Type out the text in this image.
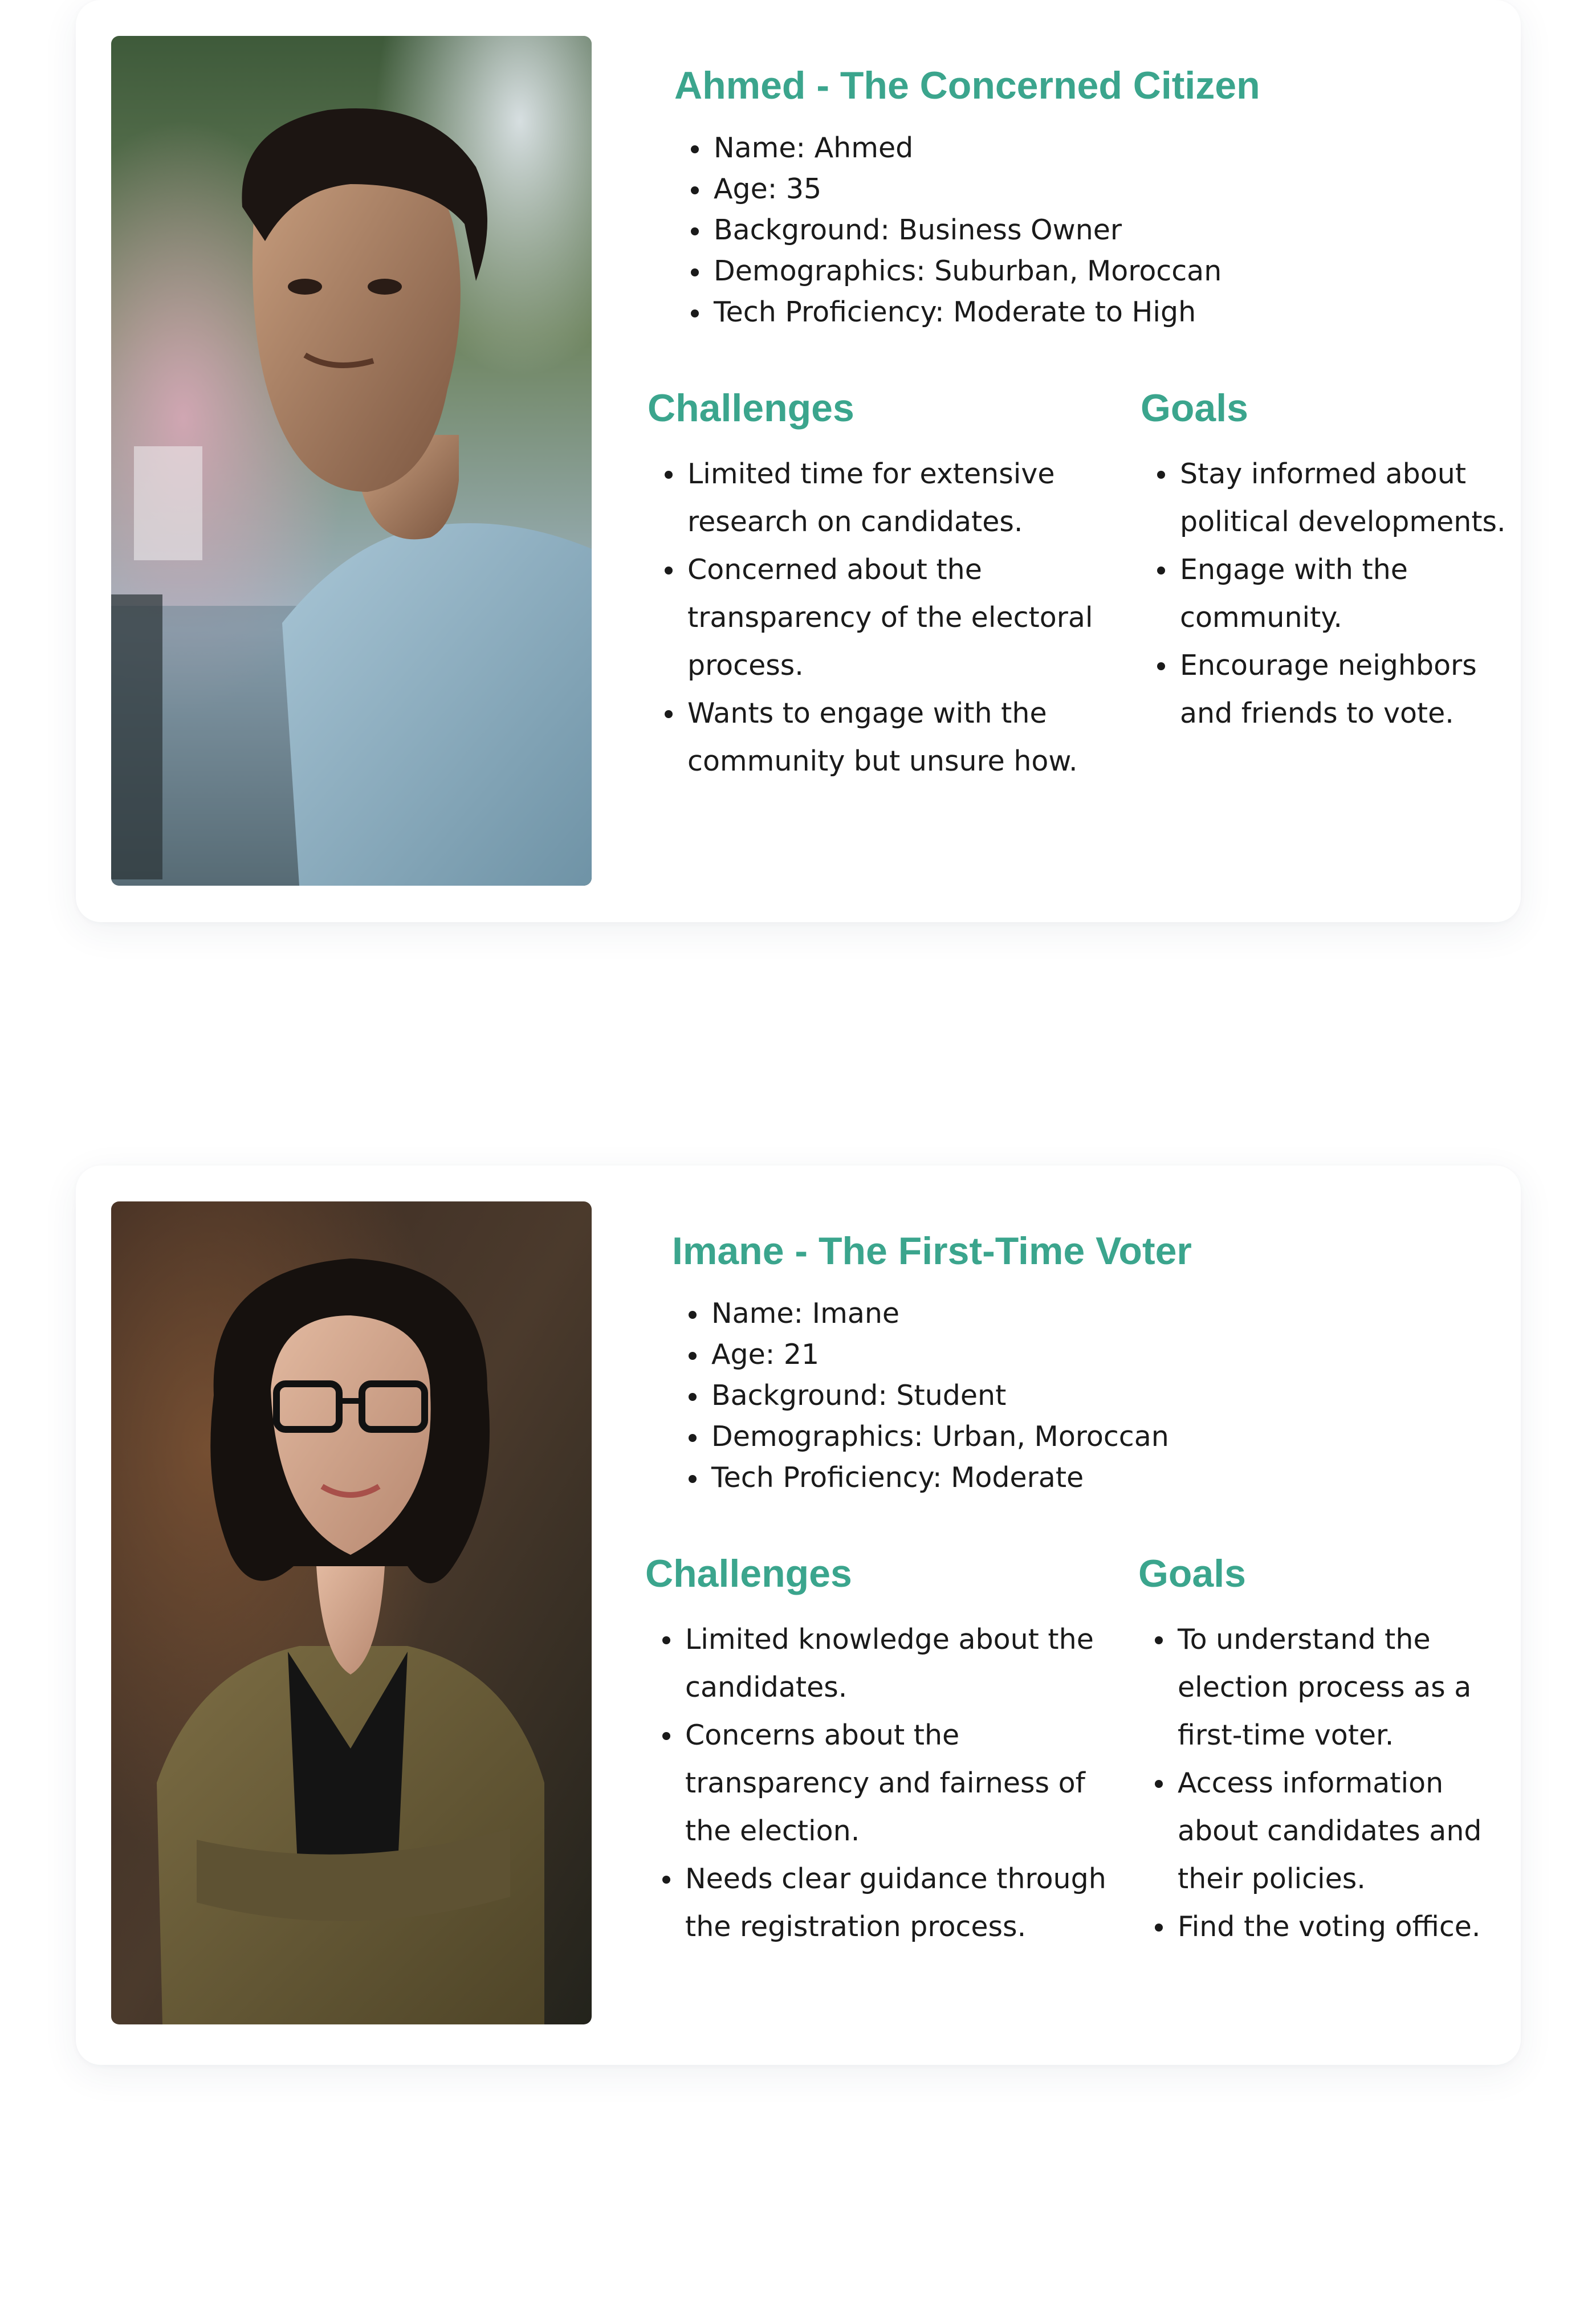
Ahmed - The Concerned Citizen
Name: Ahmed
Age: 35
Background: Business Owner
Demographics: Suburban, Moroccan
Tech Proficiency: Moderate to High
Challenges	Goals
Limited time for extensive research on candidates.
Concerned about the transparency of the electoral process.
Wants to engage with the community but unsure how.
Stay informed about political developments.
Engage with the community.
Encourage neighbors and friends to vote.
Imane - The First-Time Voter
Name: Imane
Age: 21
Background: Student
Demographics: Urban, Moroccan
Tech Proficiency: Moderate
Challenges	Goals
Limited knowledge about the candidates.
Concerns about the transparency and fairness of the election.
Needs clear guidance through the registration process.
To understand the election process as a first-time voter.
Access information about candidates and their policies.
Find the voting office.
